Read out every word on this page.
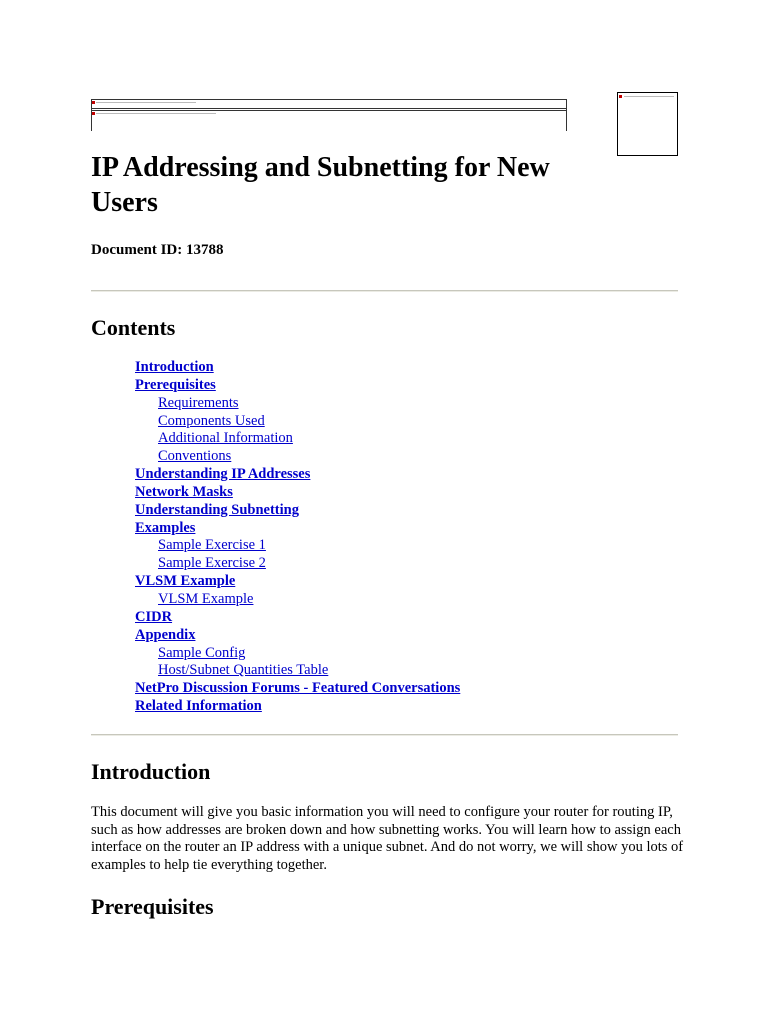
IP Addressing and Subnetting for New Users

Document ID: 13788

Contents
Introduction
Prerequisites
Requirements
Components Used
Additional Information
Conventions
Understanding IP Addresses
Network Masks
Understanding Subnetting
Examples
Sample Exercise 1
Sample Exercise 2
VLSM Example
VLSM Example
CIDR
Appendix
Sample Config
Host/Subnet Quantities Table
NetPro Discussion Forums - Featured Conversations
Related Information
Introduction

This document will give you basic information you will need to configure your router for routing IP, such as how addresses are broken down and how subnetting works. You will learn how to assign each interface on the router an IP address with a unique subnet. And do not worry, we will show you lots of examples to help tie everything together.

Prerequisites
